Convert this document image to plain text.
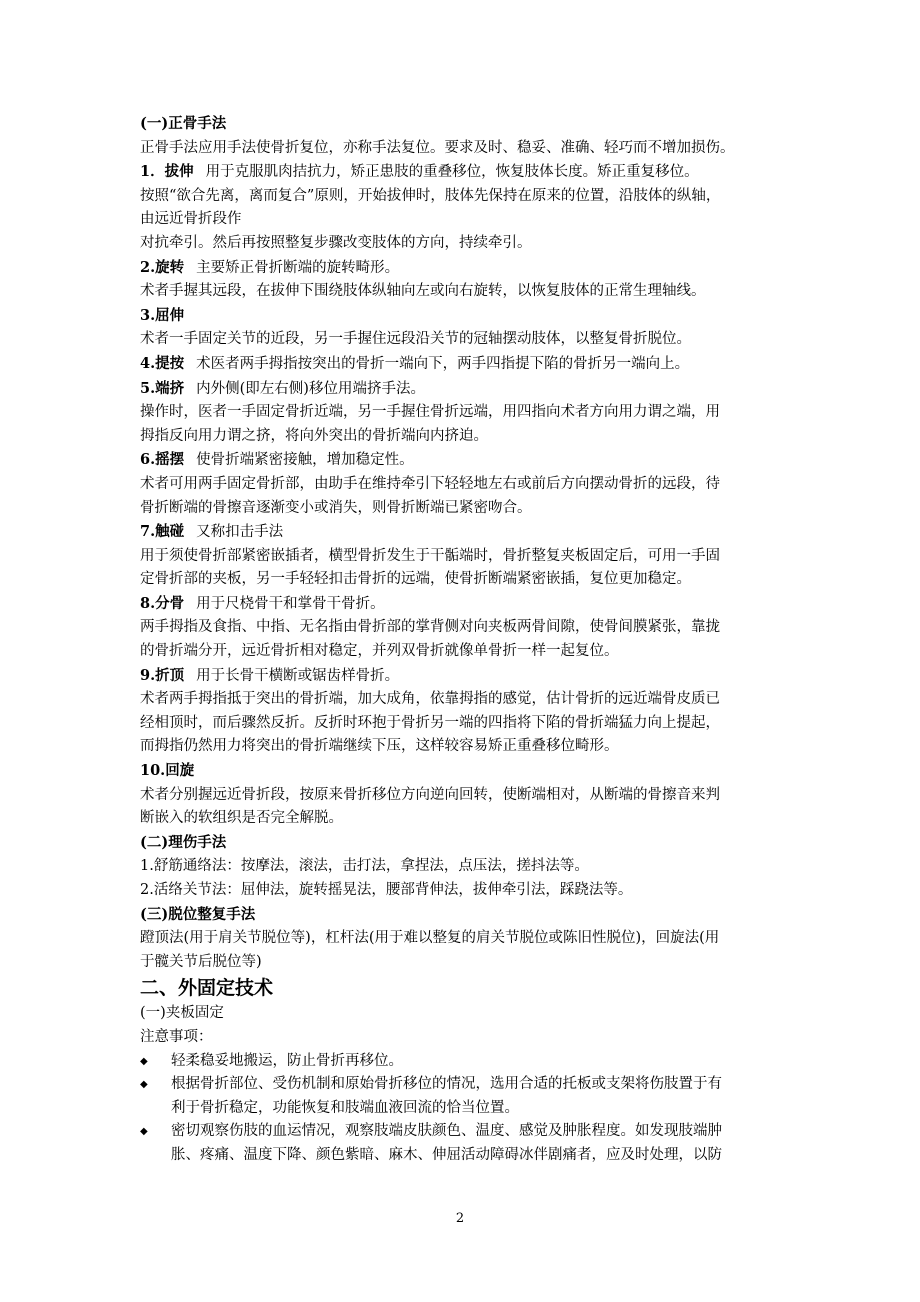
(一)正骨手法
正骨手法应用手法使骨折复位，亦称手法复位。要求及时、稳妥、准确、轻巧而不增加损伤。
1．拔伸 用于克服肌肉拮抗力，矫正患肢的重叠移位，恢复肢体长度。矫正重复移位。
按照“欲合先离，离而复合”原则，开始拔伸时，肢体先保持在原来的位置，沿肢体的纵轴，
由远近骨折段作
对抗牵引。然后再按照整复步骤改变肢体的方向，持续牵引。
2.旋转 主要矫正骨折断端的旋转畸形。
术者手握其远段，在拔伸下围绕肢体纵轴向左或向右旋转，以恢复肢体的正常生理轴线。
3.屈伸
术者一手固定关节的近段，另一手握住远段沿关节的冠轴摆动肢体，以整复骨折脱位。
4.提按 术医者两手拇指按突出的骨折一端向下，两手四指提下陷的骨折另一端向上。
5.端挤 内外侧(即左右侧)移位用端挤手法。
操作时，医者一手固定骨折近端，另一手握住骨折远端，用四指向术者方向用力谓之端，用
拇指反向用力谓之挤，将向外突出的骨折端向内挤迫。
6.摇摆 使骨折端紧密接触，增加稳定性。
术者可用两手固定骨折部，由助手在维持牵引下轻轻地左右或前后方向摆动骨折的远段，待
骨折断端的骨擦音逐渐变小或消失，则骨折断端已紧密吻合。
7.触碰 又称扣击手法
用于须使骨折部紧密嵌插者，横型骨折发生于干骺端时，骨折整复夹板固定后，可用一手固
定骨折部的夹板，另一手轻轻扣击骨折的远端，使骨折断端紧密嵌插，复位更加稳定。
8.分骨 用于尺桡骨干和掌骨干骨折。
两手拇指及食指、中指、无名指由骨折部的掌背侧对向夹板两骨间隙，使骨间膜紧张，靠拢
的骨折端分开，远近骨折相对稳定，并列双骨折就像单骨折一样一起复位。
9.折顶 用于长骨干横断或锯齿样骨折。
术者两手拇指抵于突出的骨折端，加大成角，依靠拇指的感觉，估计骨折的远近端骨皮质已
经相顶时，而后骤然反折。反折时环抱于骨折另一端的四指将下陷的骨折端猛力向上提起，
而拇指仍然用力将突出的骨折端继续下压，这样较容易矫正重叠移位畸形。
10.回旋
术者分别握远近骨折段，按原来骨折移位方向逆向回转，使断端相对，从断端的骨擦音来判
断嵌入的软组织是否完全解脱。
(二)理伤手法
1.舒筋通络法：按摩法，滚法，击打法，拿捏法，点压法，搓抖法等。
2.活络关节法：屈伸法，旋转摇晃法，腰部背伸法，拔伸牵引法，踩跷法等。
(三)脱位整复手法
蹬顶法(用于肩关节脱位等)，杠杆法(用于难以整复的肩关节脱位或陈旧性脱位)，回旋法(用
于髋关节后脱位等)
二、外固定技术
(一)夹板固定
注意事项：
◆ 轻柔稳妥地搬运，防止骨折再移位。
◆ 根据骨折部位、受伤机制和原始骨折移位的情况，选用合适的托板或支架将伤肢置于有
利于骨折稳定，功能恢复和肢端血液回流的恰当位置。
◆ 密切观察伤肢的血运情况，观察肢端皮肤颜色、温度、感觉及肿胀程度。如发现肢端肿
胀、疼痛、温度下降、颜色紫暗、麻木、伸屈活动障碍冰伴剧痛者，应及时处理，以防
2
